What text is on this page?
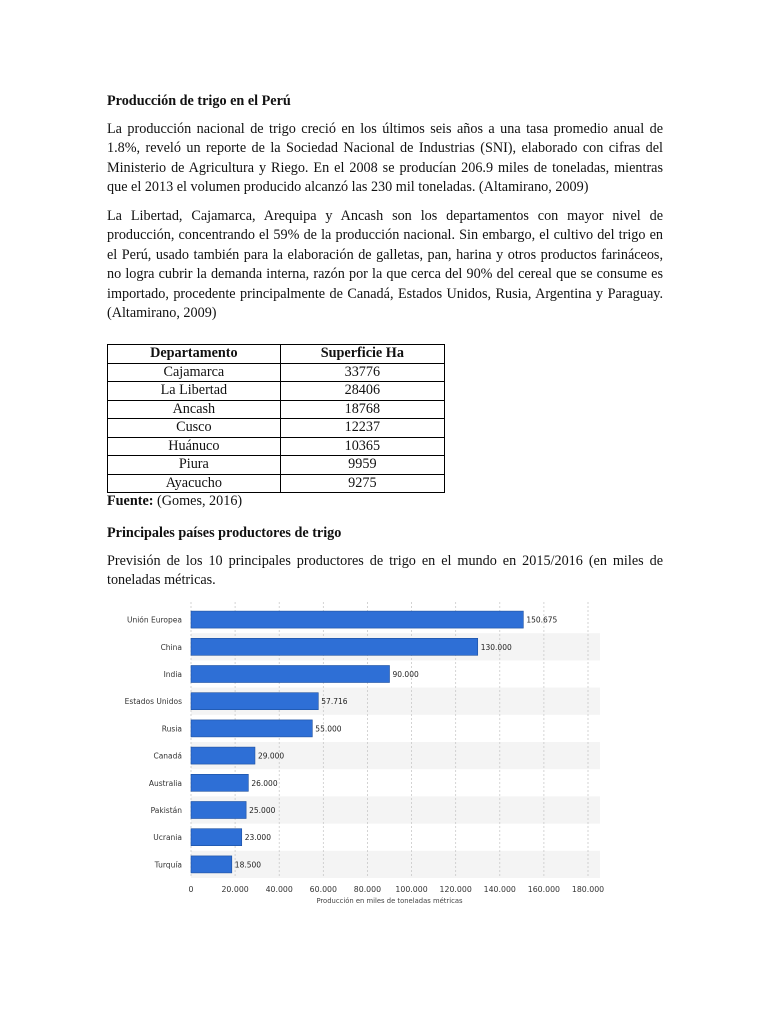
Producción de trigo en el Perú

La producción nacional de trigo creció en los últimos seis años a una tasa promedio anual de 1.8%, reveló un reporte de la Sociedad Nacional de Industrias (SNI), elaborado con cifras del Ministerio de Agricultura y Riego. En el 2008 se producían 206.9 miles de toneladas, mientras que el 2013 el volumen producido alcanzó las 230 mil toneladas. (Altamirano, 2009)

La Libertad, Cajamarca, Arequipa y Ancash son los departamentos con mayor nivel de producción, concentrando el 59% de la producción nacional. Sin embargo, el cultivo del trigo en el Perú, usado también para la elaboración de galletas, pan, harina y otros productos farináceos, no logra cubrir la demanda interna, razón por la que cerca del 90% del cereal que se consume es importado, procedente principalmente de Canadá, Estados Unidos, Rusia, Argentina y Paraguay. (Altamirano, 2009)

Departamento	Superficie Ha
Cajamarca	33776
La Libertad	28406
Ancash	18768
Cusco	12237
Huánuco	10365
Piura	9959
Ayacucho	9275
Fuente: (Gomes, 2016)
Principales países productores de trigo

Previsión de los 10 principales productores de trigo en el mundo en 2015/2016 (en miles de toneladas métricas.

Unión Europea	150.675
China	130.000
India	90.000
Estados Unidos	57.716
Rusia	55.000
Canadá	29.000
Australia	26.000
Pakistán	25.000
Ucrania	23.000
Turquía	18.500
0	20.000 40.000 60.000 80.000 100.000 120.000 140.000 160.000 180.000
Producción en miles de toneladas métricas
